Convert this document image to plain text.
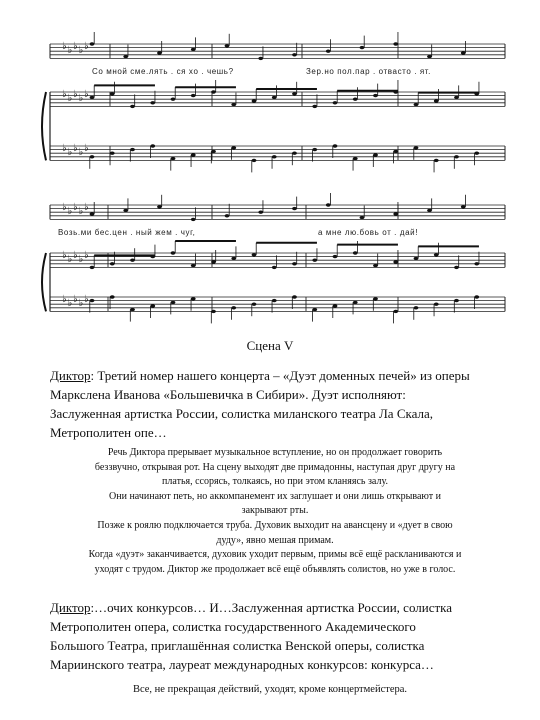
♭ ♭ ♭ ♭ ♭
♭ ♭ ♭ ♭ ♭
♭ ♭ ♭ ♭ ♭
♭ ♭ ♭ ♭ ♭
♭ ♭ ♭ ♭ ♭
♭ ♭ ♭ ♭ ♭
Со мной сме.лять . ся хо . чешь?	Зер.но пол.пар . отвасто . ят.
Возь.ми бес.цен . ный жем . чуг,	а мне лю.бовь от . дай!
Сцена V
Диктор: Третий номер нашего концерта – «Дуэт доменных печей» из оперы
Маркслена Иванова «Большевичка в Сибири». Дуэт исполняют:
Заслуженная артистка России, солистка миланского театра Ла Скала,
Метрополитен опе…
Речь Диктора прерывает музыкальное вступление, но он продолжает говорить
беззвучно, открывая рот. На сцену выходят две примадонны, наступая друг другу на
платья, ссорясь, толкаясь, но при этом кланяясь залу.
Они начинают петь, но аккомпанемент их заглушает и они лишь открывают и
закрывают рты.
Позже к роялю подключается труба. Духовик выходит на авансцену и «дует в свою
дуду», явно мешая примам.
Когда «дуэт» заканчивается, духовик уходит первым, примы всё ещё раскланиваются и
уходят с трудом. Диктор же продолжает всё ещё объявлять солистов, но уже в голос.
Диктор:…очих конкурсов… И…Заслуженная артистка России, солистка
Метрополитен опера, солистка государственного Академического
Большого Театра, приглашённая солистка Венской оперы, солистка
Мариинского театра, лауреат международных конкурсов: конкурса…
Все, не прекращая действий, уходят, кроме концертмейстера.
